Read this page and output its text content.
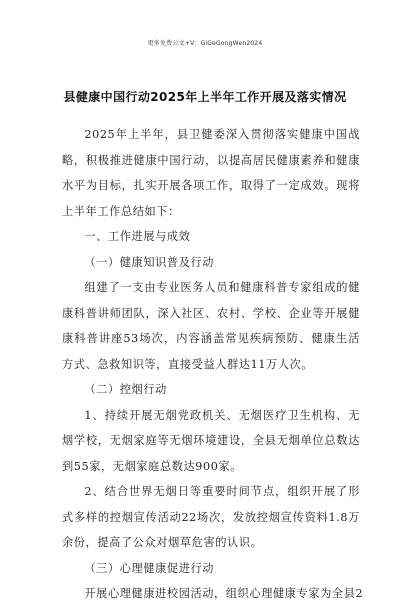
更多免费公文+V：GiGeGongWen2024
县健康中国行动2025年上半年工作开展及落实情况

2025年上半年，县卫健委深入贯彻落实健康中国战略，积极推进健康中国行动，以提高居民健康素养和健康水平为目标，扎实开展各项工作，取得了一定成效。现将上半年工作总结如下：

一、工作进展与成效

（一）健康知识普及行动

组建了一支由专业医务人员和健康科普专家组成的健康科普讲师团队，深入社区、农村、学校、企业等开展健康科普讲座53场次，内容涵盖常见疾病预防、健康生活方式、急救知识等，直接受益人群达11万人次。

（二）控烟行动

1、持续开展无烟党政机关、无烟医疗卫生机构、无烟学校，无烟家庭等无烟环境建设，全县无烟单位总数达到55家，无烟家庭总数达900家。

2、结合世界无烟日等重要时间节点，组织开展了形式多样的控烟宣传活动22场次，发放控烟宣传资料1.8万余份，提高了公众对烟草危害的认识。

（三）心理健康促进行动

开展心理健康进校园活动，组织心理健康专家为全县2
